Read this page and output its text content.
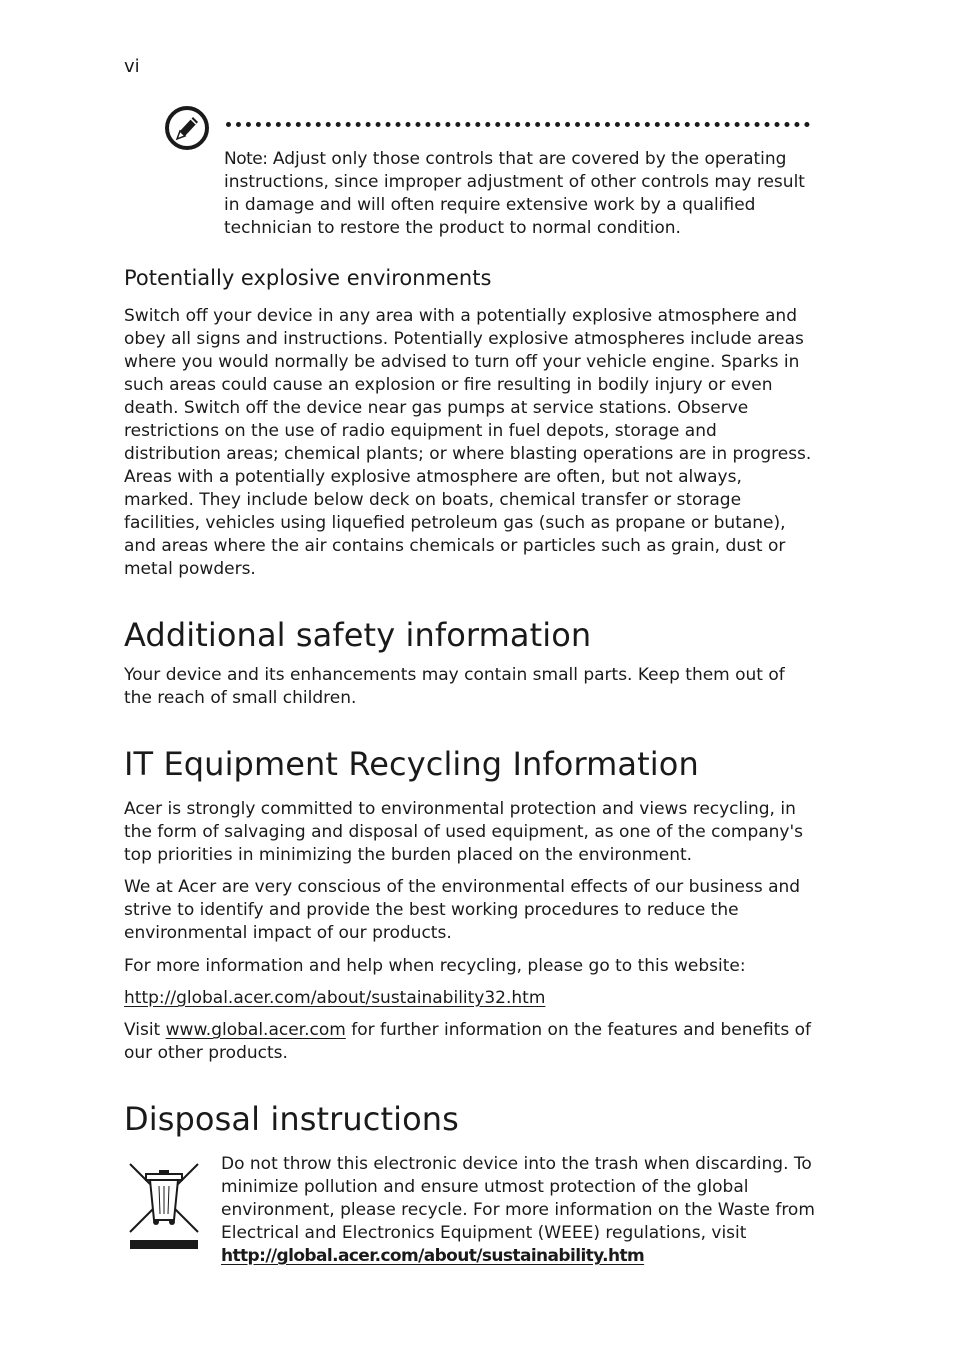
vi
Note: Adjust only those controls that are covered by the operating instructions, since improper adjustment of other controls may result in damage and will often require extensive work by a qualified technician to restore the product to normal condition.
Potentially explosive environments
Switch off your device in any area with a potentially explosive atmosphere and obey all signs and instructions. Potentially explosive atmospheres include areas where you would normally be advised to turn off your vehicle engine. Sparks in such areas could cause an explosion or fire resulting in bodily injury or even death. Switch off the device near gas pumps at service stations. Observe restrictions on the use of radio equipment in fuel depots, storage and distribution areas; chemical plants; or where blasting operations are in progress. Areas with a potentially explosive atmosphere are often, but not always, marked. They include below deck on boats, chemical transfer or storage facilities, vehicles using liquefied petroleum gas (such as propane or butane), and areas where the air contains chemicals or particles such as grain, dust or metal powders.
Additional safety information
Your device and its enhancements may contain small parts. Keep them out of the reach of small children.
IT Equipment Recycling Information
Acer is strongly committed to environmental protection and views recycling, in the form of salvaging and disposal of used equipment, as one of the company's top priorities in minimizing the burden placed on the environment.
We at Acer are very conscious of the environmental effects of our business and strive to identify and provide the best working procedures to reduce the environmental impact of our products.
For more information and help when recycling, please go to this website:
http://global.acer.com/about/sustainability32.htm
Visit www.global.acer.com for further information on the features and benefits of our other products.
Disposal instructions
Do not throw this electronic device into the trash when discarding. To minimize pollution and ensure utmost protection of the global environment, please recycle. For more information on the Waste from Electrical and Electronics Equipment (WEEE) regulations, visit http://global.acer.com/about/sustainability.htm
